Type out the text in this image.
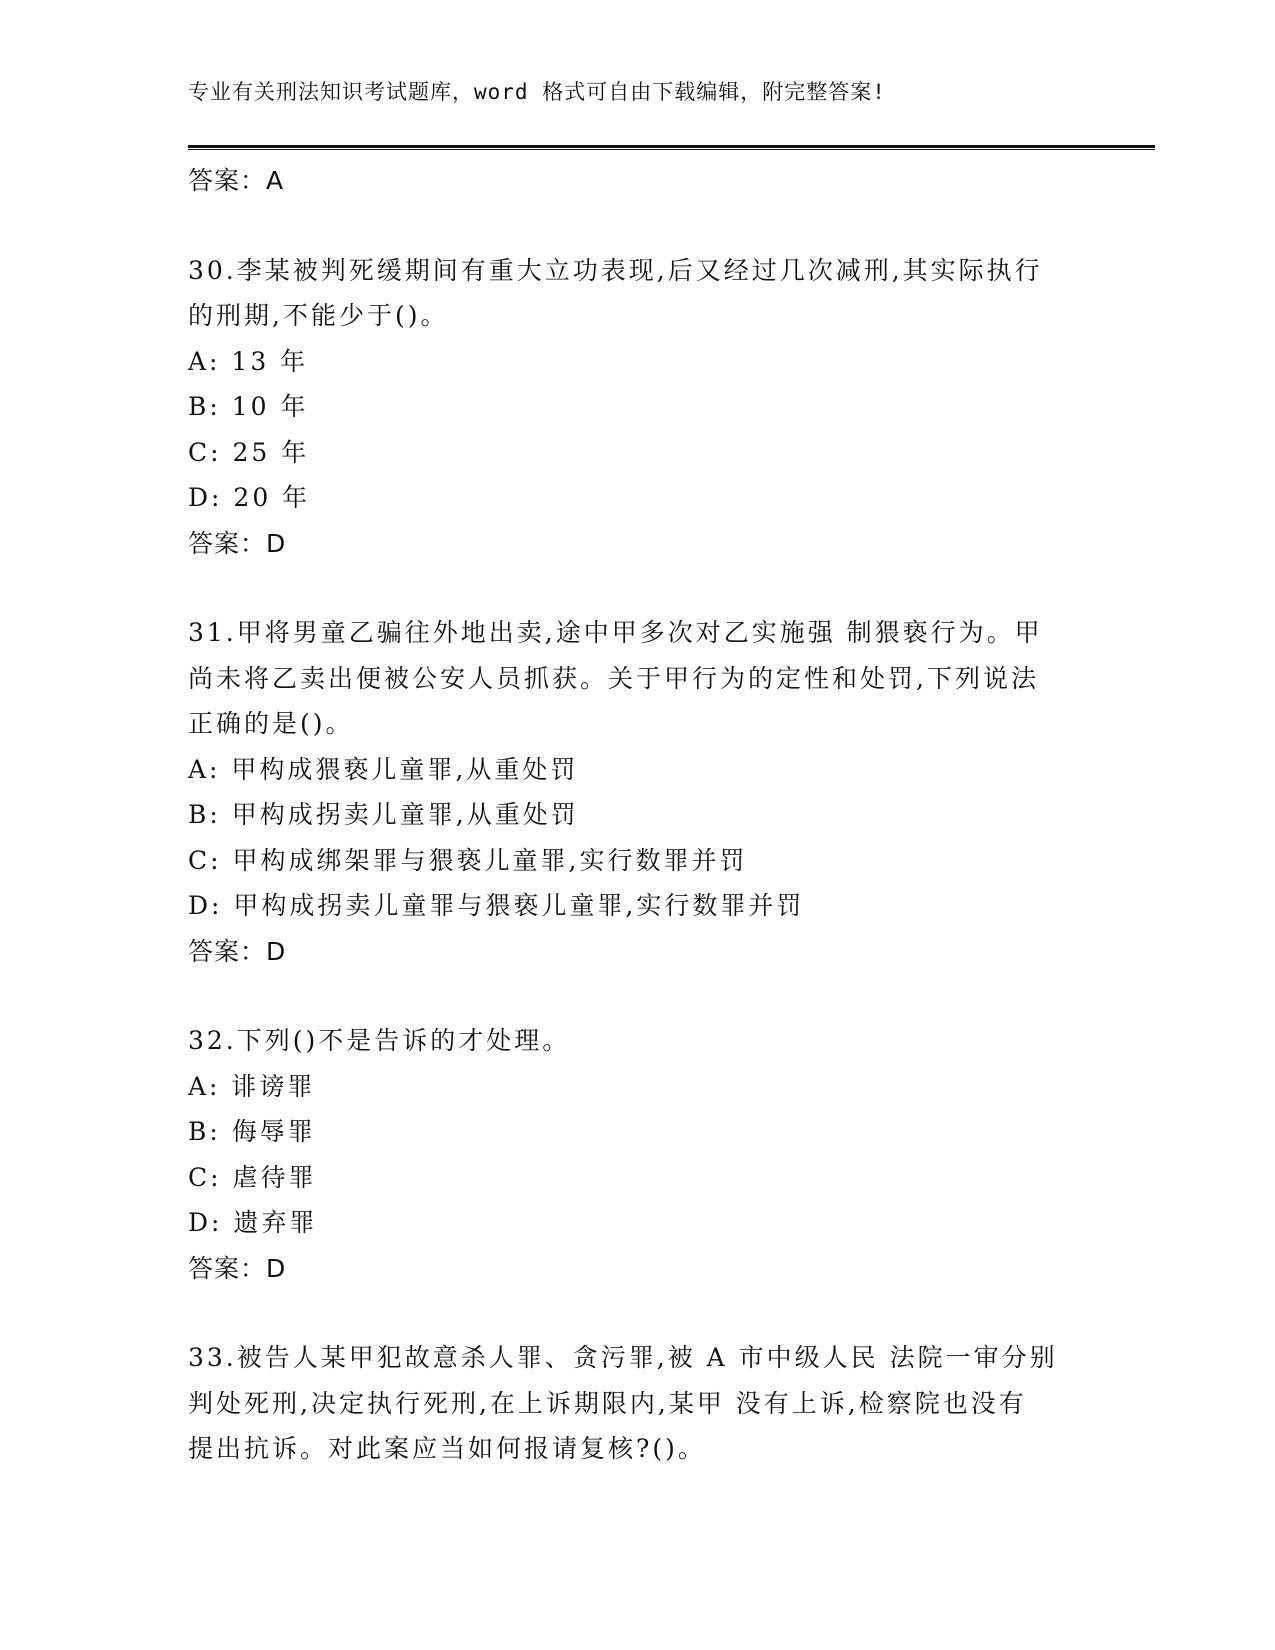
专业有关刑法知识考试题库，word 格式可自由下载编辑，附完整答案!
答案：A
30.李某被判死缓期间有重大立功表现,后又经过几次减刑,其实际执行
的刑期,不能少于()。
A: 13 年
B: 10 年
C: 25 年
D: 20 年
答案：D
31.甲将男童乙骗往外地出卖,途中甲多次对乙实施强 制猥亵行为。甲
尚未将乙卖出便被公安人员抓获。关于甲行为的定性和处罚,下列说法
正确的是()。
A: 甲构成猥亵儿童罪,从重处罚
B: 甲构成拐卖儿童罪,从重处罚
C: 甲构成绑架罪与猥亵儿童罪,实行数罪并罚
D: 甲构成拐卖儿童罪与猥亵儿童罪,实行数罪并罚
答案：D
32.下列()不是告诉的才处理。
A: 诽谤罪
B: 侮辱罪
C: 虐待罪
D: 遗弃罪
答案：D
33.被告人某甲犯故意杀人罪、贪污罪,被 A 市中级人民 法院一审分别
判处死刑,决定执行死刑,在上诉期限内,某甲 没有上诉,检察院也没有
提出抗诉。对此案应当如何报请复核?()。
